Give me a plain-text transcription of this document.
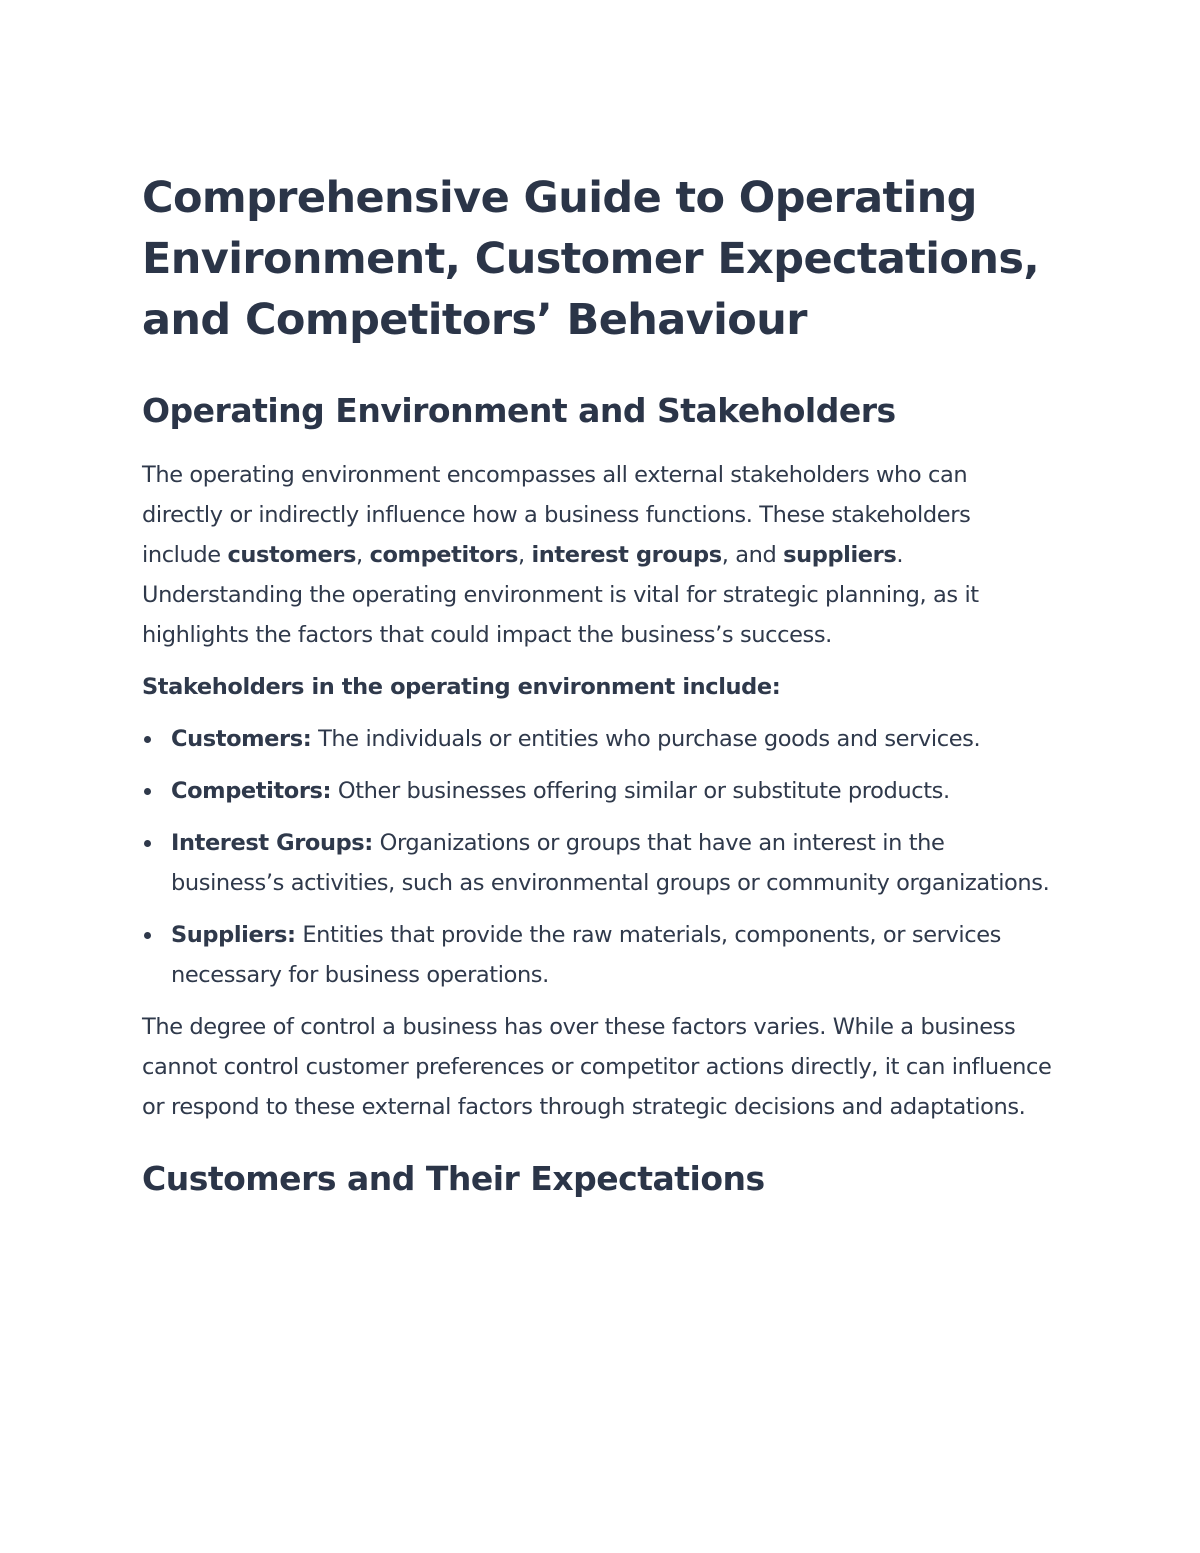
Comprehensive Guide to Operating Environment, Customer Expectations, and Competitors’ Behaviour
Operating Environment and Stakeholders

The operating environment encompasses all external stakeholders who can directly or indirectly influence how a business functions. These stakeholders include customers, competitors, interest groups, and suppliers. Understanding the operating environment is vital for strategic planning, as it highlights the factors that could impact the business’s success.

Stakeholders in the operating environment include:

Customers: The individuals or entities who purchase goods and services.
Competitors: Other businesses offering similar or substitute products.
Interest Groups: Organizations or groups that have an interest in the business’s activities, such as environmental groups or community organizations.
Suppliers: Entities that provide the raw materials, components, or services necessary for business operations.

The degree of control a business has over these factors varies. While a business cannot control customer preferences or competitor actions directly, it can influence or respond to these external factors through strategic decisions and adaptations.

Customers and Their Expectations
